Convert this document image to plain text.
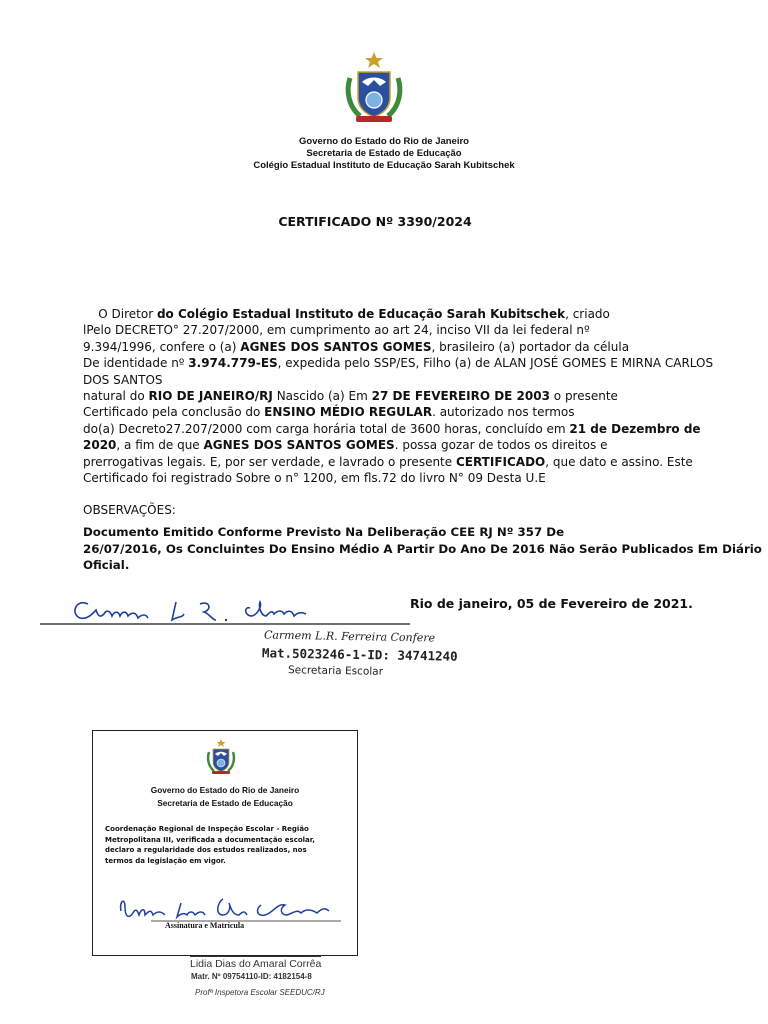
Governo do Estado do Rio de Janeiro
Secretaria de Estado de Educação
Colégio Estadual Instituto de Educação Sarah Kubitschek
CERTIFICADO Nº 3390/2024
O Diretor do Colégio Estadual Instituto de Educação Sarah Kubitschek, criado
lPelo DECRETO° 27.207/2000, em cumprimento ao art 24, inciso VII da lei federal nº
9.394/1996, confere o (a) AGNES DOS SANTOS GOMES, brasileiro (a) portador da célula
De identidade nº 3.974.779-ES, expedida pelo SSP/ES, Filho (a) de ALAN JOSÉ GOMES E MIRNA CARLOS
DOS SANTOS
natural do RIO DE JANEIRO/RJ Nascido (a) Em 27 DE FEVEREIRO DE 2003 o presente
Certificado pela conclusão do ENSINO MÉDIO REGULAR. autorizado nos termos
do(a) Decreto27.207/2000 com carga horária total de 3600 horas, concluído em 21 de Dezembro de
2020, a fim de que AGNES DOS SANTOS GOMES. possa gozar de todos os direitos e
prerrogativas legais. E, por ser verdade, e lavrado o presente CERTIFICADO, que dato e assino. Este
Certificado foi registrado Sobre o n° 1200, em fls.72 do livro N° 09 Desta U.E
OBSERVAÇÕES:
Documento Emitido Conforme Previsto Na Deliberação CEE RJ Nº 357 De
26/07/2016, Os Concluintes Do Ensino Médio A Partir Do Ano De 2016 Não Serão Publicados Em Diário
Oficial.
Rio de janeiro, 05 de Fevereiro de 2021.
Carmem L.R. Ferreira Confere
Mat.5023246-1-ID: 34741240
Secretaria Escolar
Governo do Estado do Rio de Janeiro
Secretaria de Estado de Educação
Coordenação Regional de Inspeção Escolar - Região
Metropolitana III, verificada a documentação escolar,
declaro a regularidade dos estudos realizados, nos
termos da legislação em vigor.
Assinatura e Matrícula
Lidia Dias do Amaral Corrêa
Matr. Nº 09754110-ID: 4182154-8
Profª Inspetora Escolar SEEDUC/RJ
